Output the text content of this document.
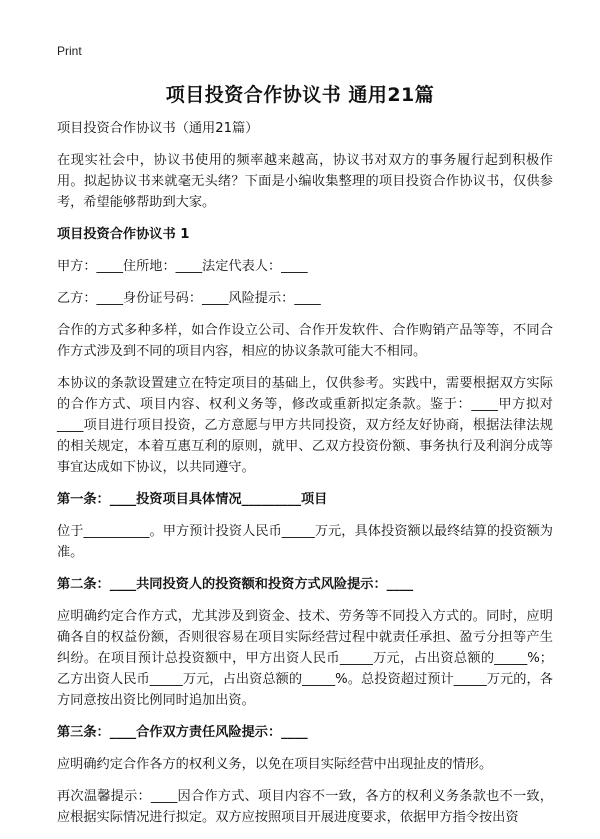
Print
项目投资合作协议书 通用21篇

项目投资合作协议书（通用21篇）

在现实社会中，协议书使用的频率越来越高，协议书对双方的事务履行起到积极作用。拟起协议书来就毫无头绪？下面是小编收集整理的项目投资合作协议书，仅供参考，希望能够帮助到大家。

项目投资合作协议书 1

甲方：____住所地：____法定代表人：____

乙方：____身份证号码：____风险提示：____

合作的方式多种多样，如合作设立公司、合作开发软件、合作购销产品等等，不同合作方式涉及到不同的项目内容，相应的协议条款可能大不相同。

本协议的条款设置建立在特定项目的基础上，仅供参考。实践中，需要根据双方实际的合作方式、项目内容、权利义务等，修改或重新拟定条款。鉴于：____甲方拟对____项目进行项目投资，乙方意愿与甲方共同投资，双方经友好协商，根据法律法规的相关规定，本着互惠互利的原则，就甲、乙双方投资份额、事务执行及利润分成等事宜达成如下协议，以共同遵守。

第一条：____投资项目具体情况_________项目

位于__________。甲方预计投资人民币_____万元，具体投资额以最终结算的投资额为准。

第二条：____共同投资人的投资额和投资方式风险提示：____

应明确约定合作方式，尤其涉及到资金、技术、劳务等不同投入方式的。同时，应明确各自的权益份额，否则很容易在项目实际经营过程中就责任承担、盈亏分担等产生纠纷。在项目预计总投资额中，甲方出资人民币_____万元，占出资总额的_____%；乙方出资人民币_____万元，占出资总额的_____%。总投资超过预计_____万元的，各方同意按出资比例同时追加出资。

第三条：____合作双方责任风险提示：____

应明确约定合作各方的权利义务，以免在项目实际经营中出现扯皮的情形。

再次温馨提示：____因合作方式、项目内容不一致，各方的权利义务条款也不一致，应根据实际情况进行拟定。双方应按照项目开展进度要求，依据甲方指令按出资
